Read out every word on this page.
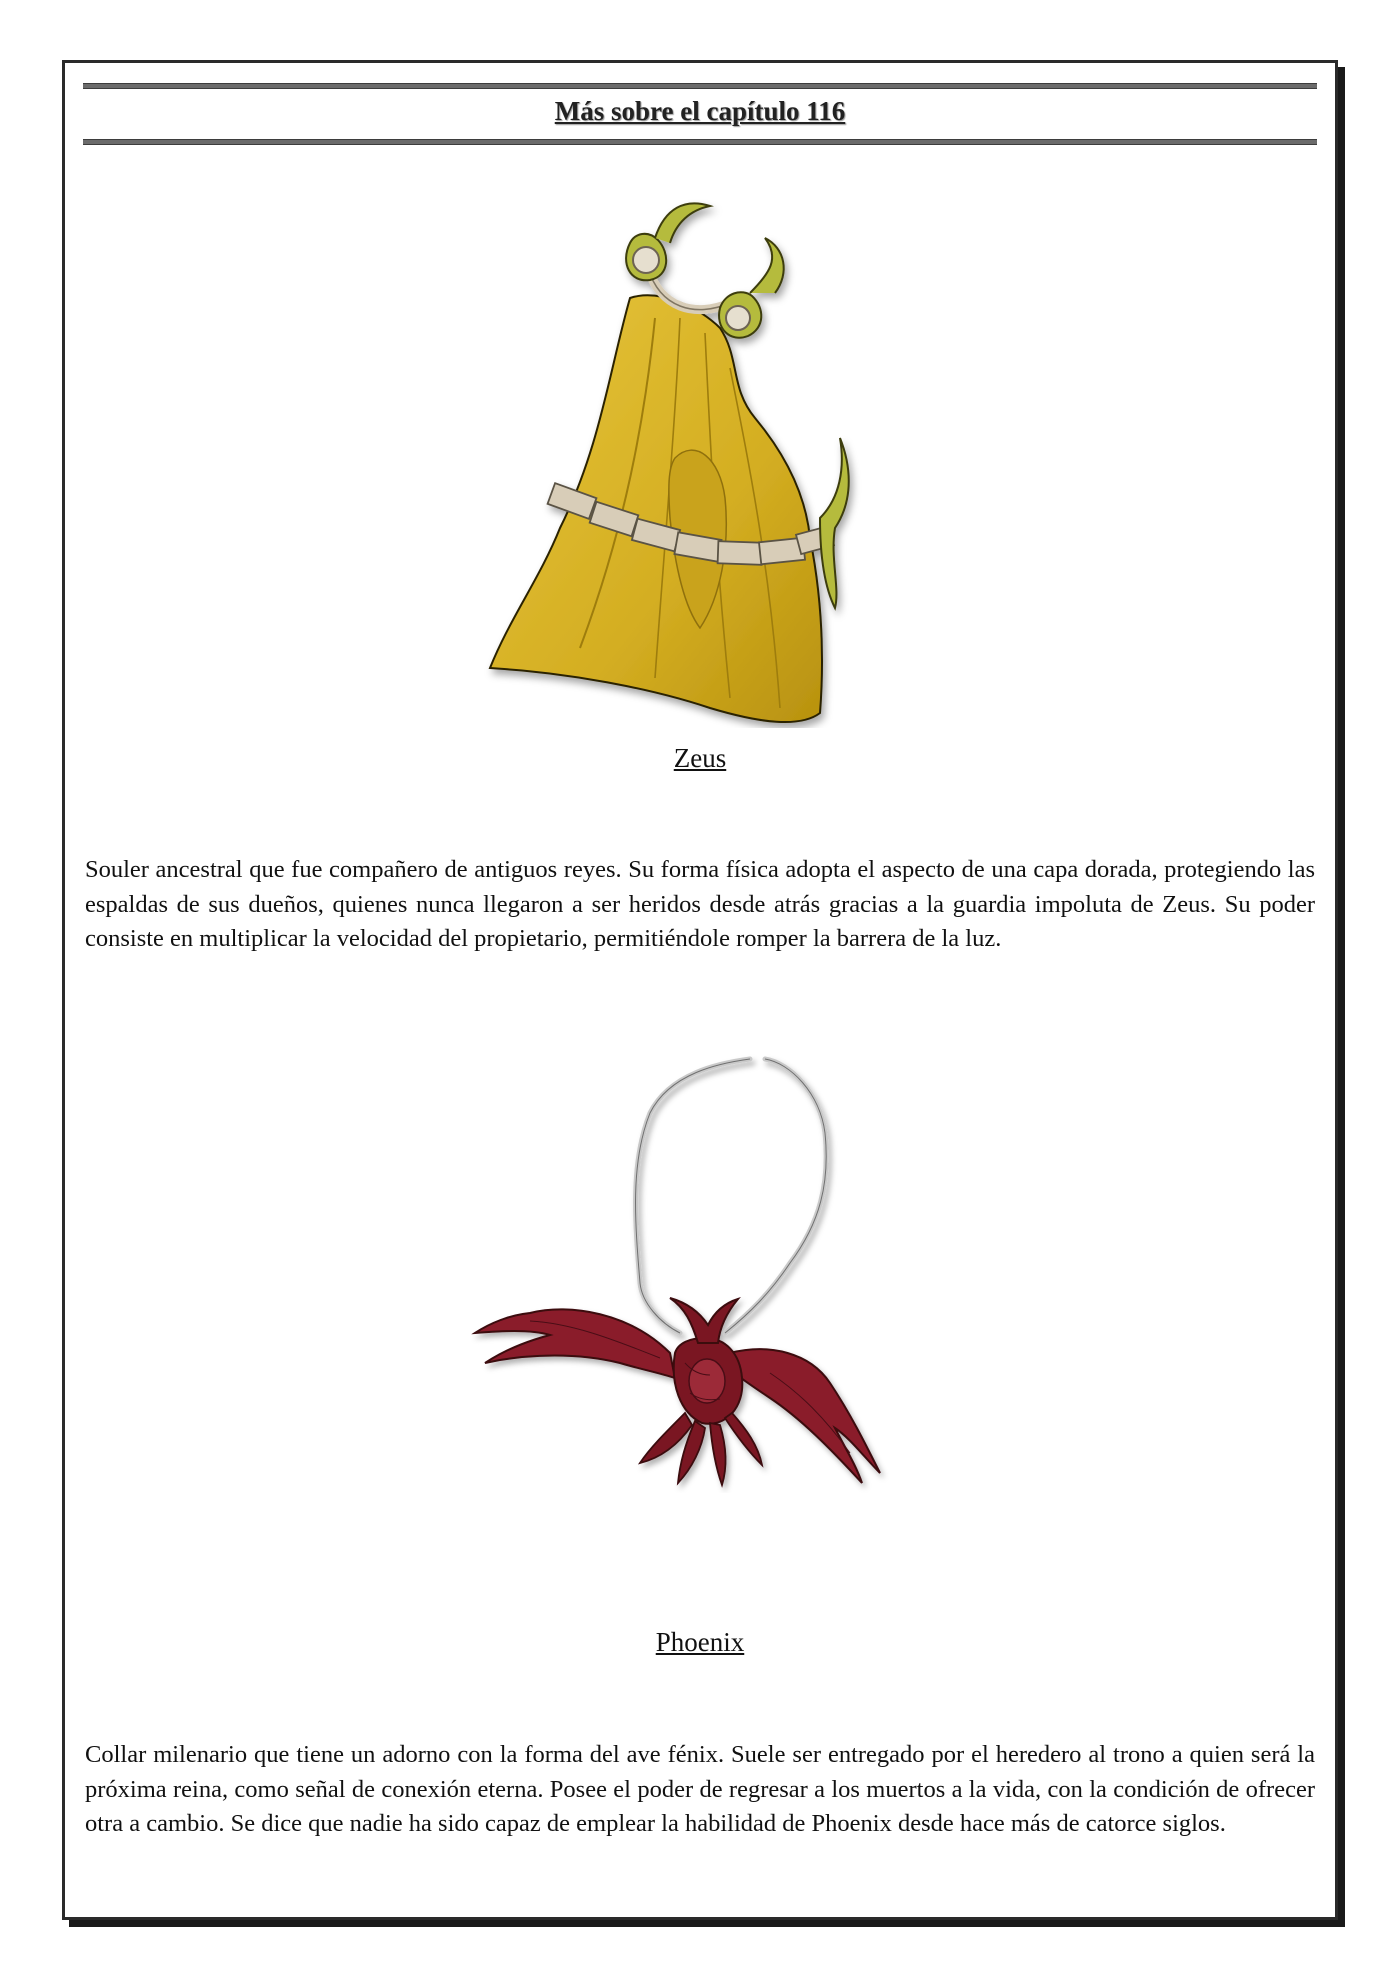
Más sobre el capítulo 116
Zeus
Souler ancestral que fue compañero de antiguos reyes. Su forma física adopta el aspecto de una capa dorada, protegiendo las espaldas de sus dueños, quienes nunca llegaron a ser heridos desde atrás gracias a la guardia impoluta de Zeus. Su poder consiste en multiplicar la velocidad del propietario, permitiéndole romper la barrera de la luz.
Phoenix
Collar milenario que tiene un adorno con la forma del ave fénix. Suele ser entregado por el heredero al trono a quien será la próxima reina, como señal de conexión eterna. Posee el poder de regresar a los muertos a la vida, con la condición de ofrecer otra a cambio. Se dice que nadie ha sido capaz de emplear la habilidad de Phoenix desde hace más de catorce siglos.
